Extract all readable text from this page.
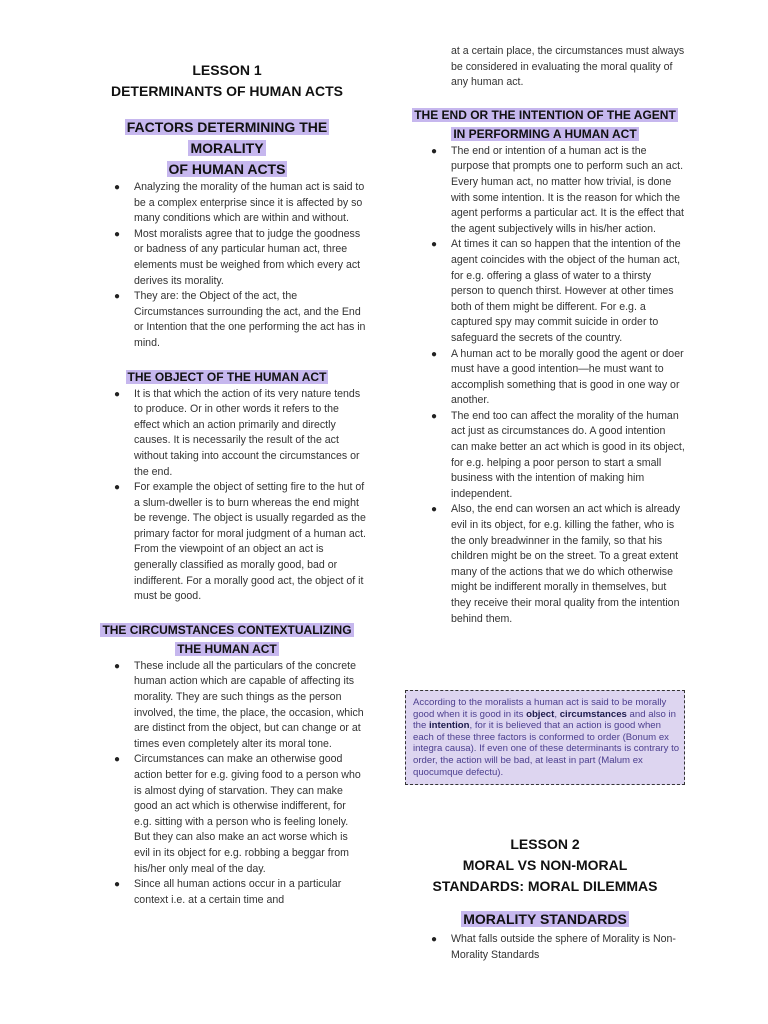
LESSON 1
DETERMINANTS OF HUMAN ACTS
FACTORS DETERMINING THE MORALITY
OF HUMAN ACTS
● Analyzing the morality of the human act is said to be a complex enterprise since it is affected by so many conditions which are within and without.
● Most moralists agree that to judge the goodness or badness of any particular human act, three elements must be weighed from which every act derives its morality.
● They are: the Object of the act, the Circumstances surrounding the act, and the End or Intention that the one performing the act has in mind.
THE OBJECT OF THE HUMAN ACT
● It is that which the action of its very nature tends to produce. Or in other words it refers to the effect which an action primarily and directly causes. It is necessarily the result of the act without taking into account the circumstances or the end.
● For example the object of setting fire to the hut of a slum-dweller is to burn whereas the end might be revenge. The object is usually regarded as the primary factor for moral judgment of a human act. From the viewpoint of an object an act is generally classified as morally good, bad or indifferent. For a morally good act, the object of it must be good.
THE CIRCUMSTANCES CONTEXTUALIZING
THE HUMAN ACT
● These include all the particulars of the concrete human action which are capable of affecting its morality. They are such things as the person involved, the time, the place, the occasion, which are distinct from the object, but can change or at times even completely alter its moral tone.
● Circumstances can make an otherwise good action better for e.g. giving food to a person who is almost dying of starvation. They can make good an act which is otherwise indifferent, for e.g. sitting with a person who is feeling lonely. But they can also make an act worse which is evil in its object for e.g. robbing a beggar from his/her only meal of the day.
● Since all human actions occur in a particular context i.e. at a certain time and
at a certain place, the circumstances must always be considered in evaluating the moral quality of any human act.
THE END OR THE INTENTION OF THE AGENT
IN PERFORMING A HUMAN ACT
● The end or intention of a human act is the purpose that prompts one to perform such an act. Every human act, no matter how trivial, is done with some intention. It is the reason for which the agent performs a particular act. It is the effect that the agent subjectively wills in his/her action.
● At times it can so happen that the intention of the agent coincides with the object of the human act, for e.g. offering a glass of water to a thirsty person to quench thirst. However at other times both of them might be different. For e.g. a captured spy may commit suicide in order to safeguard the secrets of the country.
● A human act to be morally good the agent or doer must have a good intention—he must want to accomplish something that is good in one way or another.
● The end too can affect the morality of the human act just as circumstances do. A good intention can make better an act which is good in its object, for e.g. helping a poor person to start a small business with the intention of making him independent.
● Also, the end can worsen an act which is already evil in its object, for e.g. killing the father, who is the only breadwinner in the family, so that his children might be on the street. To a great extent many of the actions that we do which otherwise might be indifferent morally in themselves, but they receive their moral quality from the intention behind them.
According to the moralists a human act is said to be morally good when it is good in its object, circumstances and also in the intention, for it is believed that an action is good when each of these three factors is conformed to order (Bonum ex integra causa). If even one of these determinants is contrary to order, the action will be bad, at least in part (Malum ex quocumque defectu).
LESSON 2
MORAL VS NON-MORAL
STANDARDS: MORAL DILEMMAS
MORALITY STANDARDS
● What falls outside the sphere of Morality is Non-Morality Standards
